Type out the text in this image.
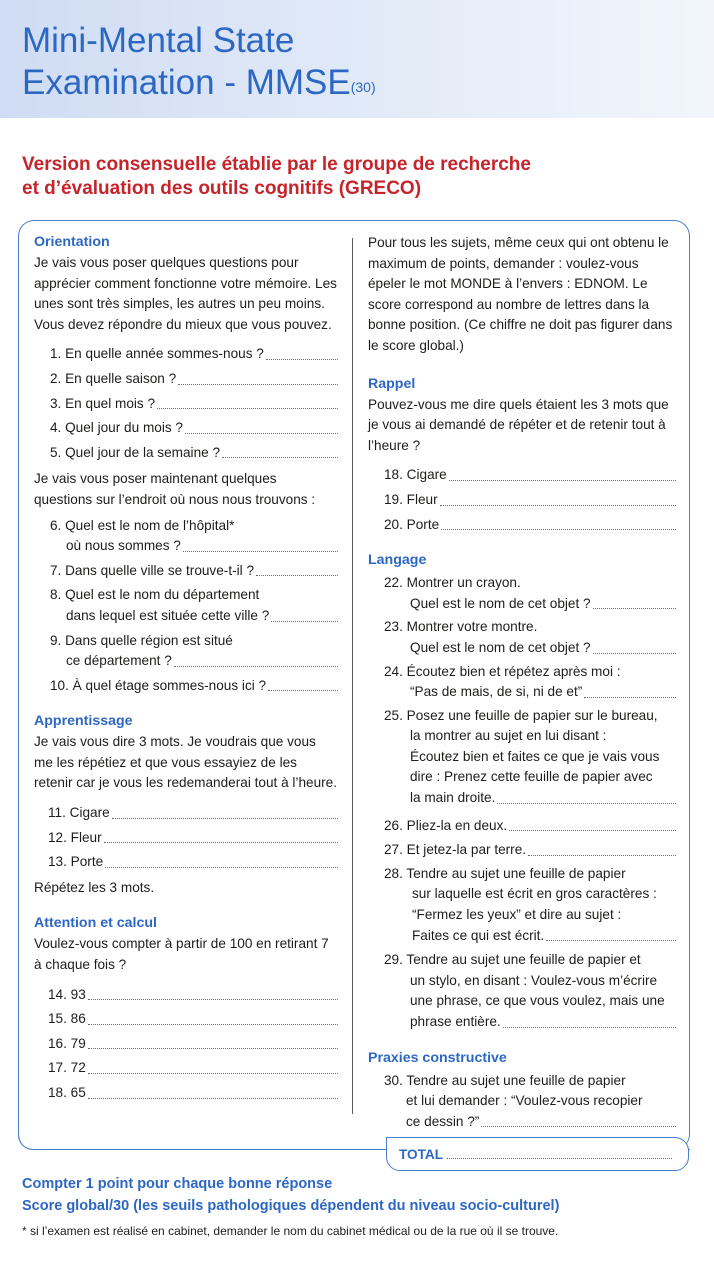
Mini-Mental State
Examination - MMSE$^{(30)}$
Version consensuelle établie par le groupe de recherche
et d’évaluation des outils cognitifs (GRECO)
Orientation
Je vais vous poser quelques questions pour apprécier comment fonctionne votre mémoire. Les unes sont très simples, les autres un peu moins. Vous devez répondre du mieux que vous pouvez.
1. En quelle année sommes-nous ?
2. En quelle saison ?
3. En quel mois ?
4. Quel jour du mois ?
5. Quel jour de la semaine ?
Je vais vous poser maintenant quelques questions sur l’endroit où nous nous trouvons :
6. Quel est le nom de l’hôpital*
où nous sommes ?
7. Dans quelle ville se trouve-t-il ?
8. Quel est le nom du département
dans lequel est située cette ville ?
9. Dans quelle région est situé
ce département ?
10. À quel étage sommes-nous ici ?
Apprentissage
Je vais vous dire 3 mots. Je voudrais que vous me les répétiez et que vous essayiez de les retenir car je vous les redemanderai tout à l’heure.
11. Cigare
12. Fleur
13. Porte
Répétez les 3 mots.
Attention et calcul
Voulez-vous compter à partir de 100 en retirant 7 à chaque fois ?
14. 93
15. 86
16. 79
17. 72
18. 65
Pour tous les sujets, même ceux qui ont obtenu le maximum de points, demander : voulez-vous épeler le mot MONDE à l’envers : EDNOM. Le score correspond au nombre de lettres dans la bonne position. (Ce chiffre ne doit pas figurer dans le score global.)
Rappel
Pouvez-vous me dire quels étaient les 3 mots que je vous ai demandé de répéter et de retenir tout à l’heure ?
18. Cigare
19. Fleur
20. Porte
Langage
22. Montrer un crayon.
Quel est le nom de cet objet ?
23. Montrer votre montre.
Quel est le nom de cet objet ?
24. Écoutez bien et répétez après moi :
“Pas de mais, de si, ni de et”
25. Posez une feuille de papier sur le bureau,
la montrer au sujet en lui disant :
Écoutez bien et faites ce que je vais vous
dire : Prenez cette feuille de papier avec
la main droite.
26. Pliez-la en deux.
27. Et jetez-la par terre.
28. Tendre au sujet une feuille de papier
sur laquelle est écrit en gros caractères :
“Fermez les yeux” et dire au sujet :
Faites ce qui est écrit.
29. Tendre au sujet une feuille de papier et
un stylo, en disant : Voulez-vous m’écrire
une phrase, ce que vous voulez, mais une
phrase entière.
Praxies constructive
30. Tendre au sujet une feuille de papier
et lui demander : “Voulez-vous recopier
ce dessin ?”
TOTAL
Compter 1 point pour chaque bonne réponse
Score global/30 (les seuils pathologiques dépendent du niveau socio-culturel)
* si l’examen est réalisé en cabinet, demander le nom du cabinet médical ou de la rue où il se trouve.
